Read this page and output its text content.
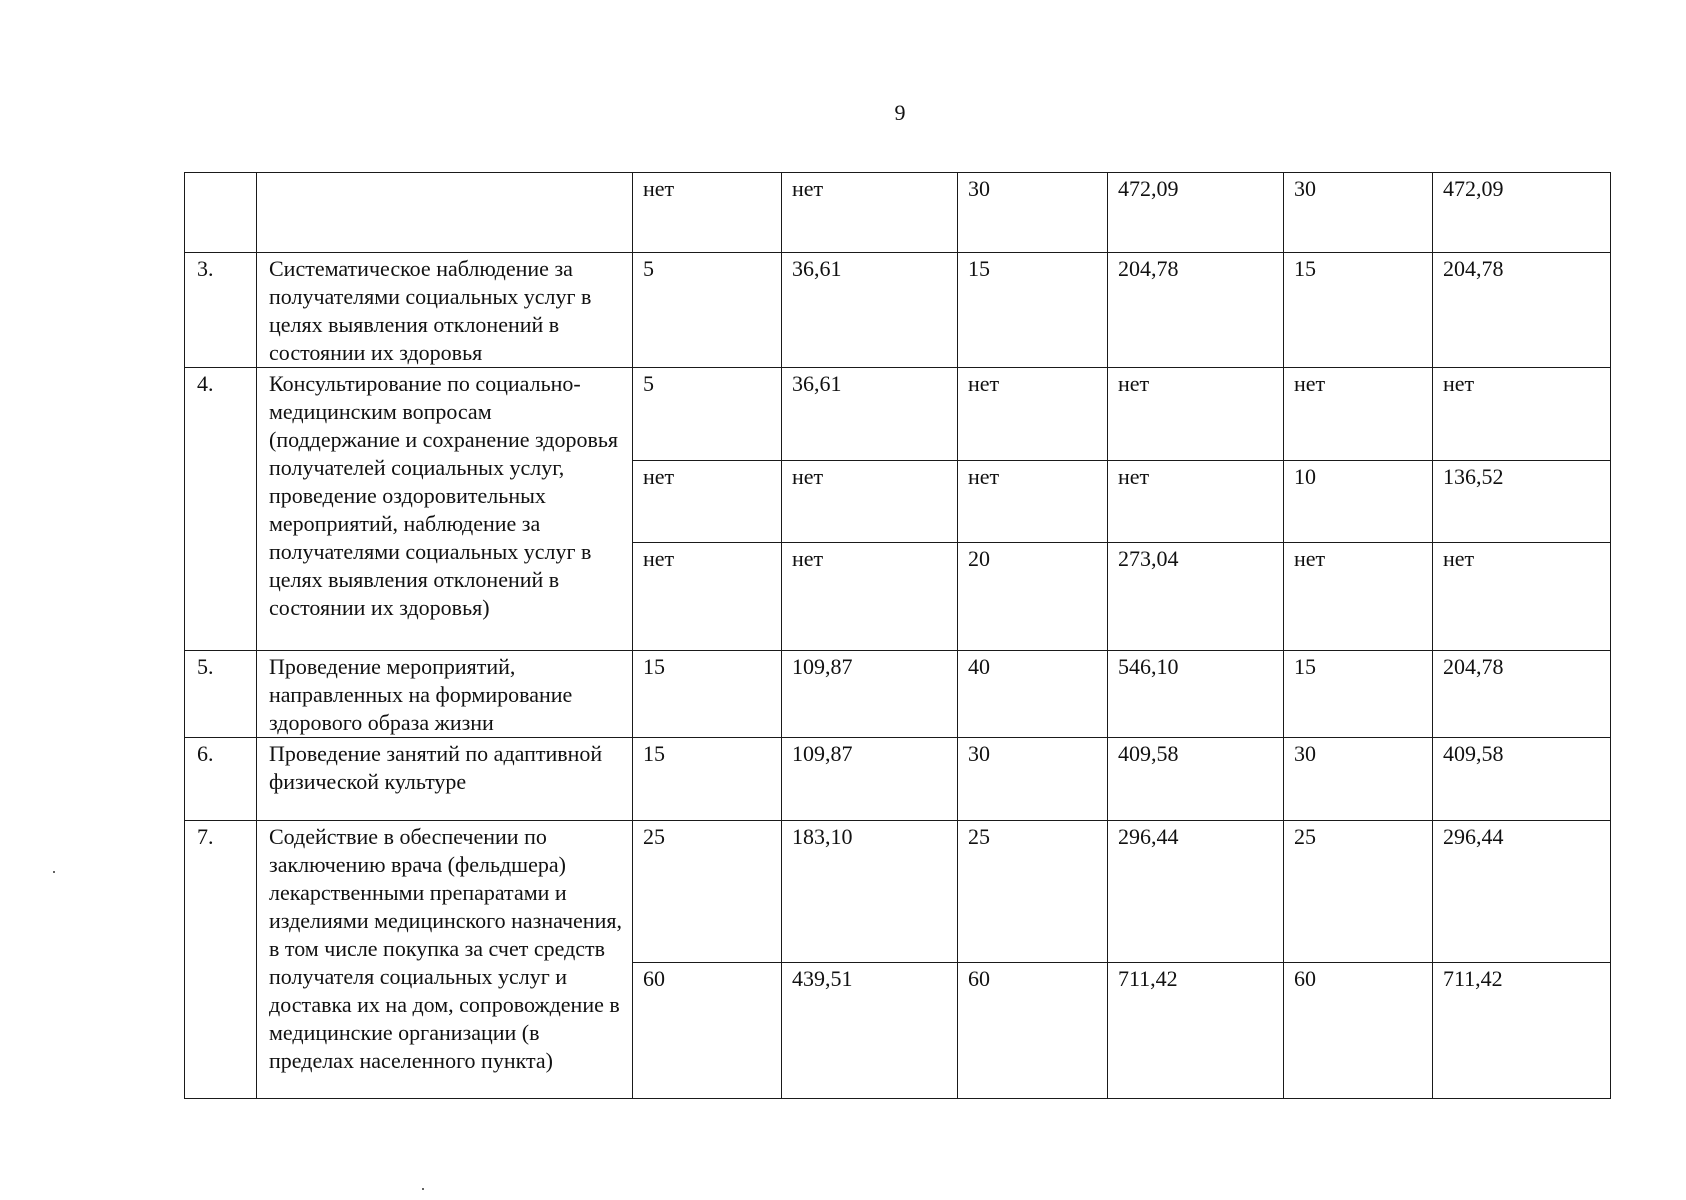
9
		нет	нет	30	472,09	30	472,09
3.	Систематическое наблюдение за получателями социальных услуг в целях выявления отклонений в состоянии их здоровья	5	36,61	15	204,78	15	204,78
4.	Консультирование по социально-медицинским вопросам (поддержание и сохранение здоровья получателей социальных услуг, проведение оздоровительных мероприятий, наблюдение за получателями социальных услуг в целях выявления отклонений в состоянии их здоровья)	5	36,61	нет	нет	нет	нет
		нет	нет	нет	нет	10	136,52
		нет	нет	20	273,04	нет	нет
5.	Проведение мероприятий, направленных на формирование здорового образа жизни	15	109,87	40	546,10	15	204,78
6.	Проведение занятий по адаптивной физической культуре	15	109,87	30	409,58	30	409,58
7.	Содействие в обеспечении по заключению врача (фельдшера) лекарственными препаратами и изделиями медицинского назначения, в том числе покупка за счет средств получателя социальных услуг и доставка их на дом, сопровождение в медицинские организации (в пределах населенного пункта)	25	183,10	25	296,44	25	296,44
		60	439,51	60	711,42	60	711,42
